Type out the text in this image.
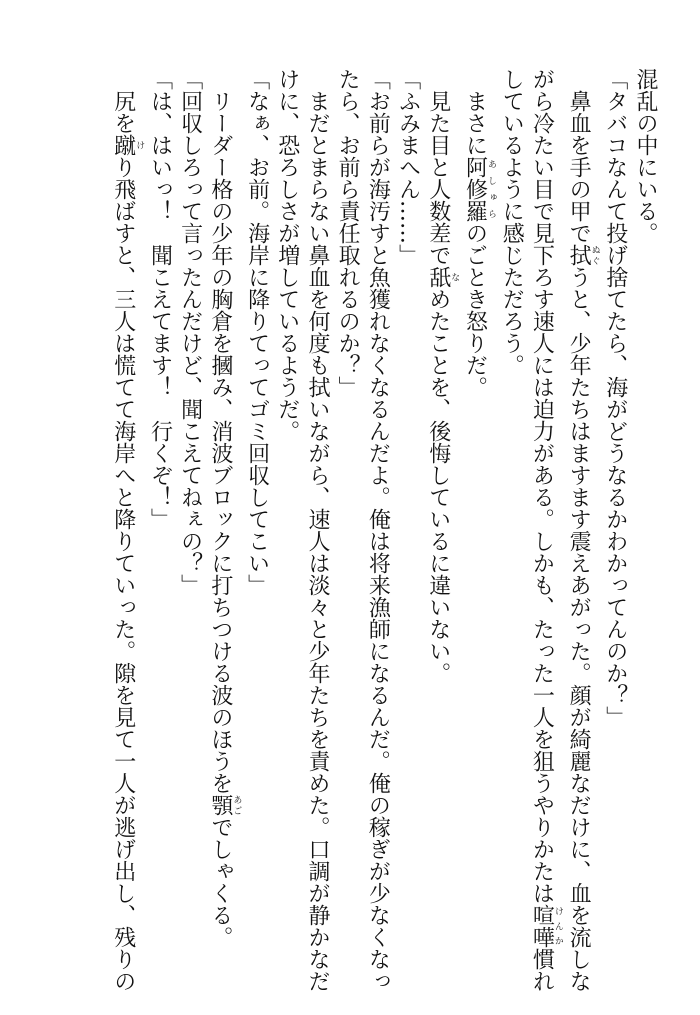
混乱の中にいる。
「タバコなんて投げ捨てたら、海がどうなるかわかってんのか？」
　鼻血を手の甲で拭ぬぐうと、少年たちはますます震えあがった。顔が綺麗なだけに、血を流しな
がら冷たい目で見下ろす速人には迫力がある。しかも、たった一人を狙うやりかたは喧嘩けんか慣れ
しているように感じただろう。
　まさに阿修羅あしゅらのごとき怒りだ。
　見た目と人数差で舐なめたことを、後悔しているに違いない。
「ふみまへん……」
「お前らが海汚すと魚獲れなくなるんだよ。俺は将来漁師になるんだ。俺の稼ぎが少なくなっ
たら、お前ら責任取れるのか？」
　まだとまらない鼻血を何度も拭いながら、速人は淡々と少年たちを責めた。口調が静かなだ
けに、恐ろしさが増しているようだ。
「なぁ、お前。海岸に降りてってゴミ回収してこい」
　リーダー格の少年の胸倉を摑み、消波ブロックに打ちつける波のほうを顎あごでしゃくる。
「回収しろって言ったんだけど、聞こえてねぇの？」
「は、はいっ！　聞こえてます！　行くぞ！」
　尻を蹴けり飛ばすと、三人は慌てて海岸へと降りていった。隙を見て一人が逃げ出し、残りの
